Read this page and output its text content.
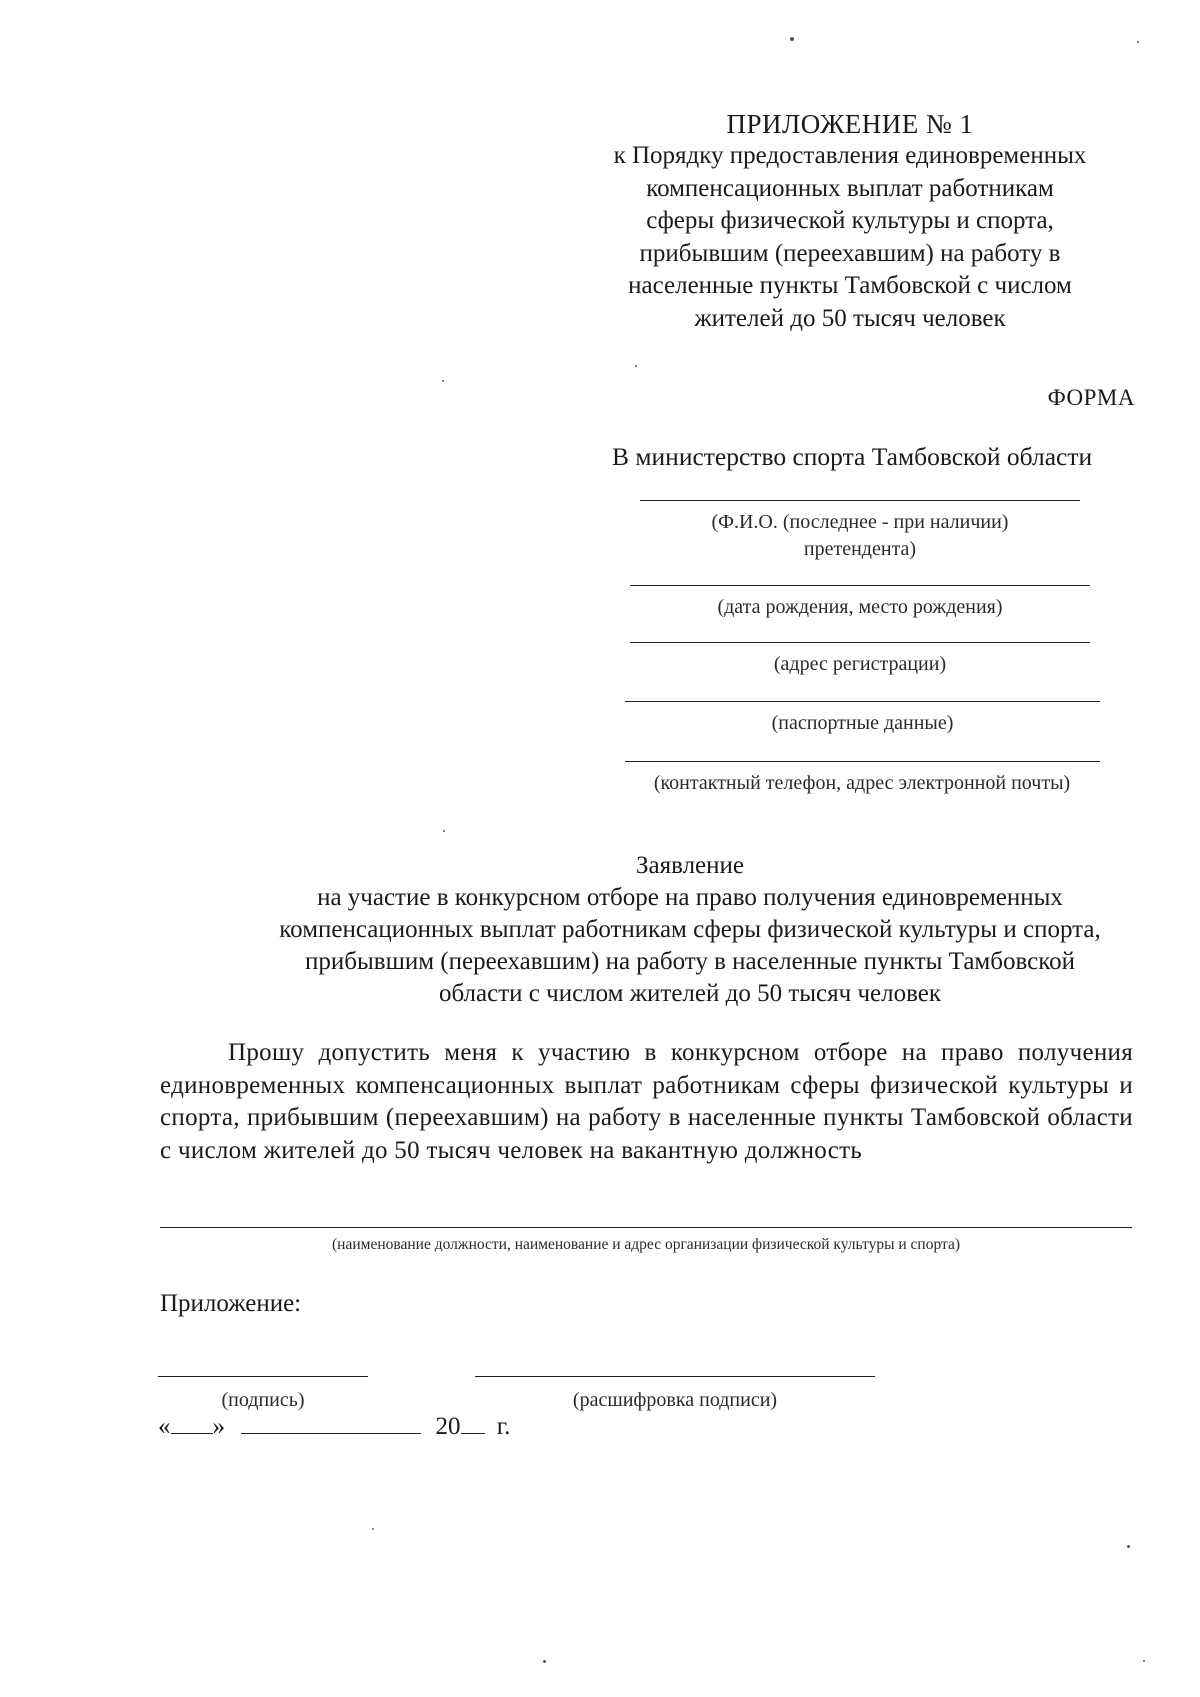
ПРИЛОЖЕНИЕ № 1
к Порядку предоставления единовременных
компенсационных выплат работникам
сферы физической культуры и спорта,
прибывшим (переехавшим) на работу в
населенные пункты Тамбовской с числом
жителей до 50 тысяч человек
ФОРМА
В министерство спорта Тамбовской области
(Ф.И.О. (последнее - при наличии) претендента)
(дата рождения, место рождения)
(адрес регистрации)
(паспортные данные)
(контактный телефон, адрес электронной почты)
Заявление
на участие в конкурсном отборе на право получения единовременных
компенсационных выплат работникам сферы физической культуры и спорта,
прибывшим (переехавшим) на работу в населенные пункты Тамбовской
области с числом жителей до 50 тысяч человек
Прошу допустить меня к участию в конкурсном отборе на право получения единовременных компенсационных выплат работникам сферы физической культуры и спорта, прибывшим (переехавшим) на работу в населенные пункты Тамбовской области с числом жителей до 50 тысяч человек на вакантную должность
(наименование должности, наименование и адрес организации физической культуры и спорта)
Приложение:
(подпись)	(расшифровка подписи)
« »	20 г.
